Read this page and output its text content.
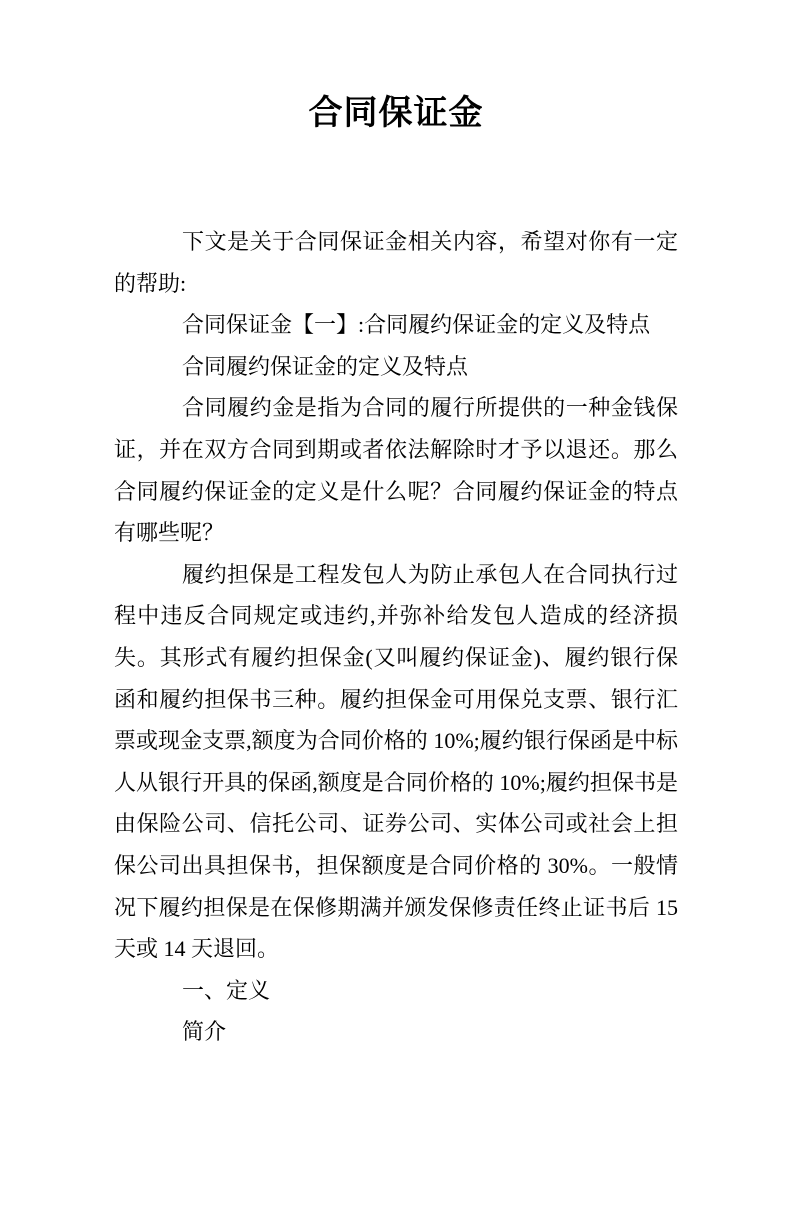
合同保证金

下文是关于合同保证金相关内容，希望对你有一定的帮助:

合同保证金【一】:合同履约保证金的定义及特点

合同履约保证金的定义及特点

合同履约金是指为合同的履行所提供的一种金钱保证，并在双方合同到期或者依法解除时才予以退还。那么合同履约保证金的定义是什么呢？合同履约保证金的特点有哪些呢？

履约担保是工程发包人为防止承包人在合同执行过程中违反合同规定或违约,并弥补给发包人造成的经济损失。其形式有履约担保金(又叫履约保证金)、履约银行保函和履约担保书三种。履约担保金可用保兑支票、银行汇票或现金支票,额度为合同价格的 10%;履约银行保函是中标人从银行开具的保函,额度是合同价格的 10%;履约担保书是由保险公司、信托公司、证券公司、实体公司或社会上担保公司出具担保书，担保额度是合同价格的 30%。一般情况下履约担保是在保修期满并颁发保修责任终止证书后 15 天或 14 天退回。

一、定义

简介
